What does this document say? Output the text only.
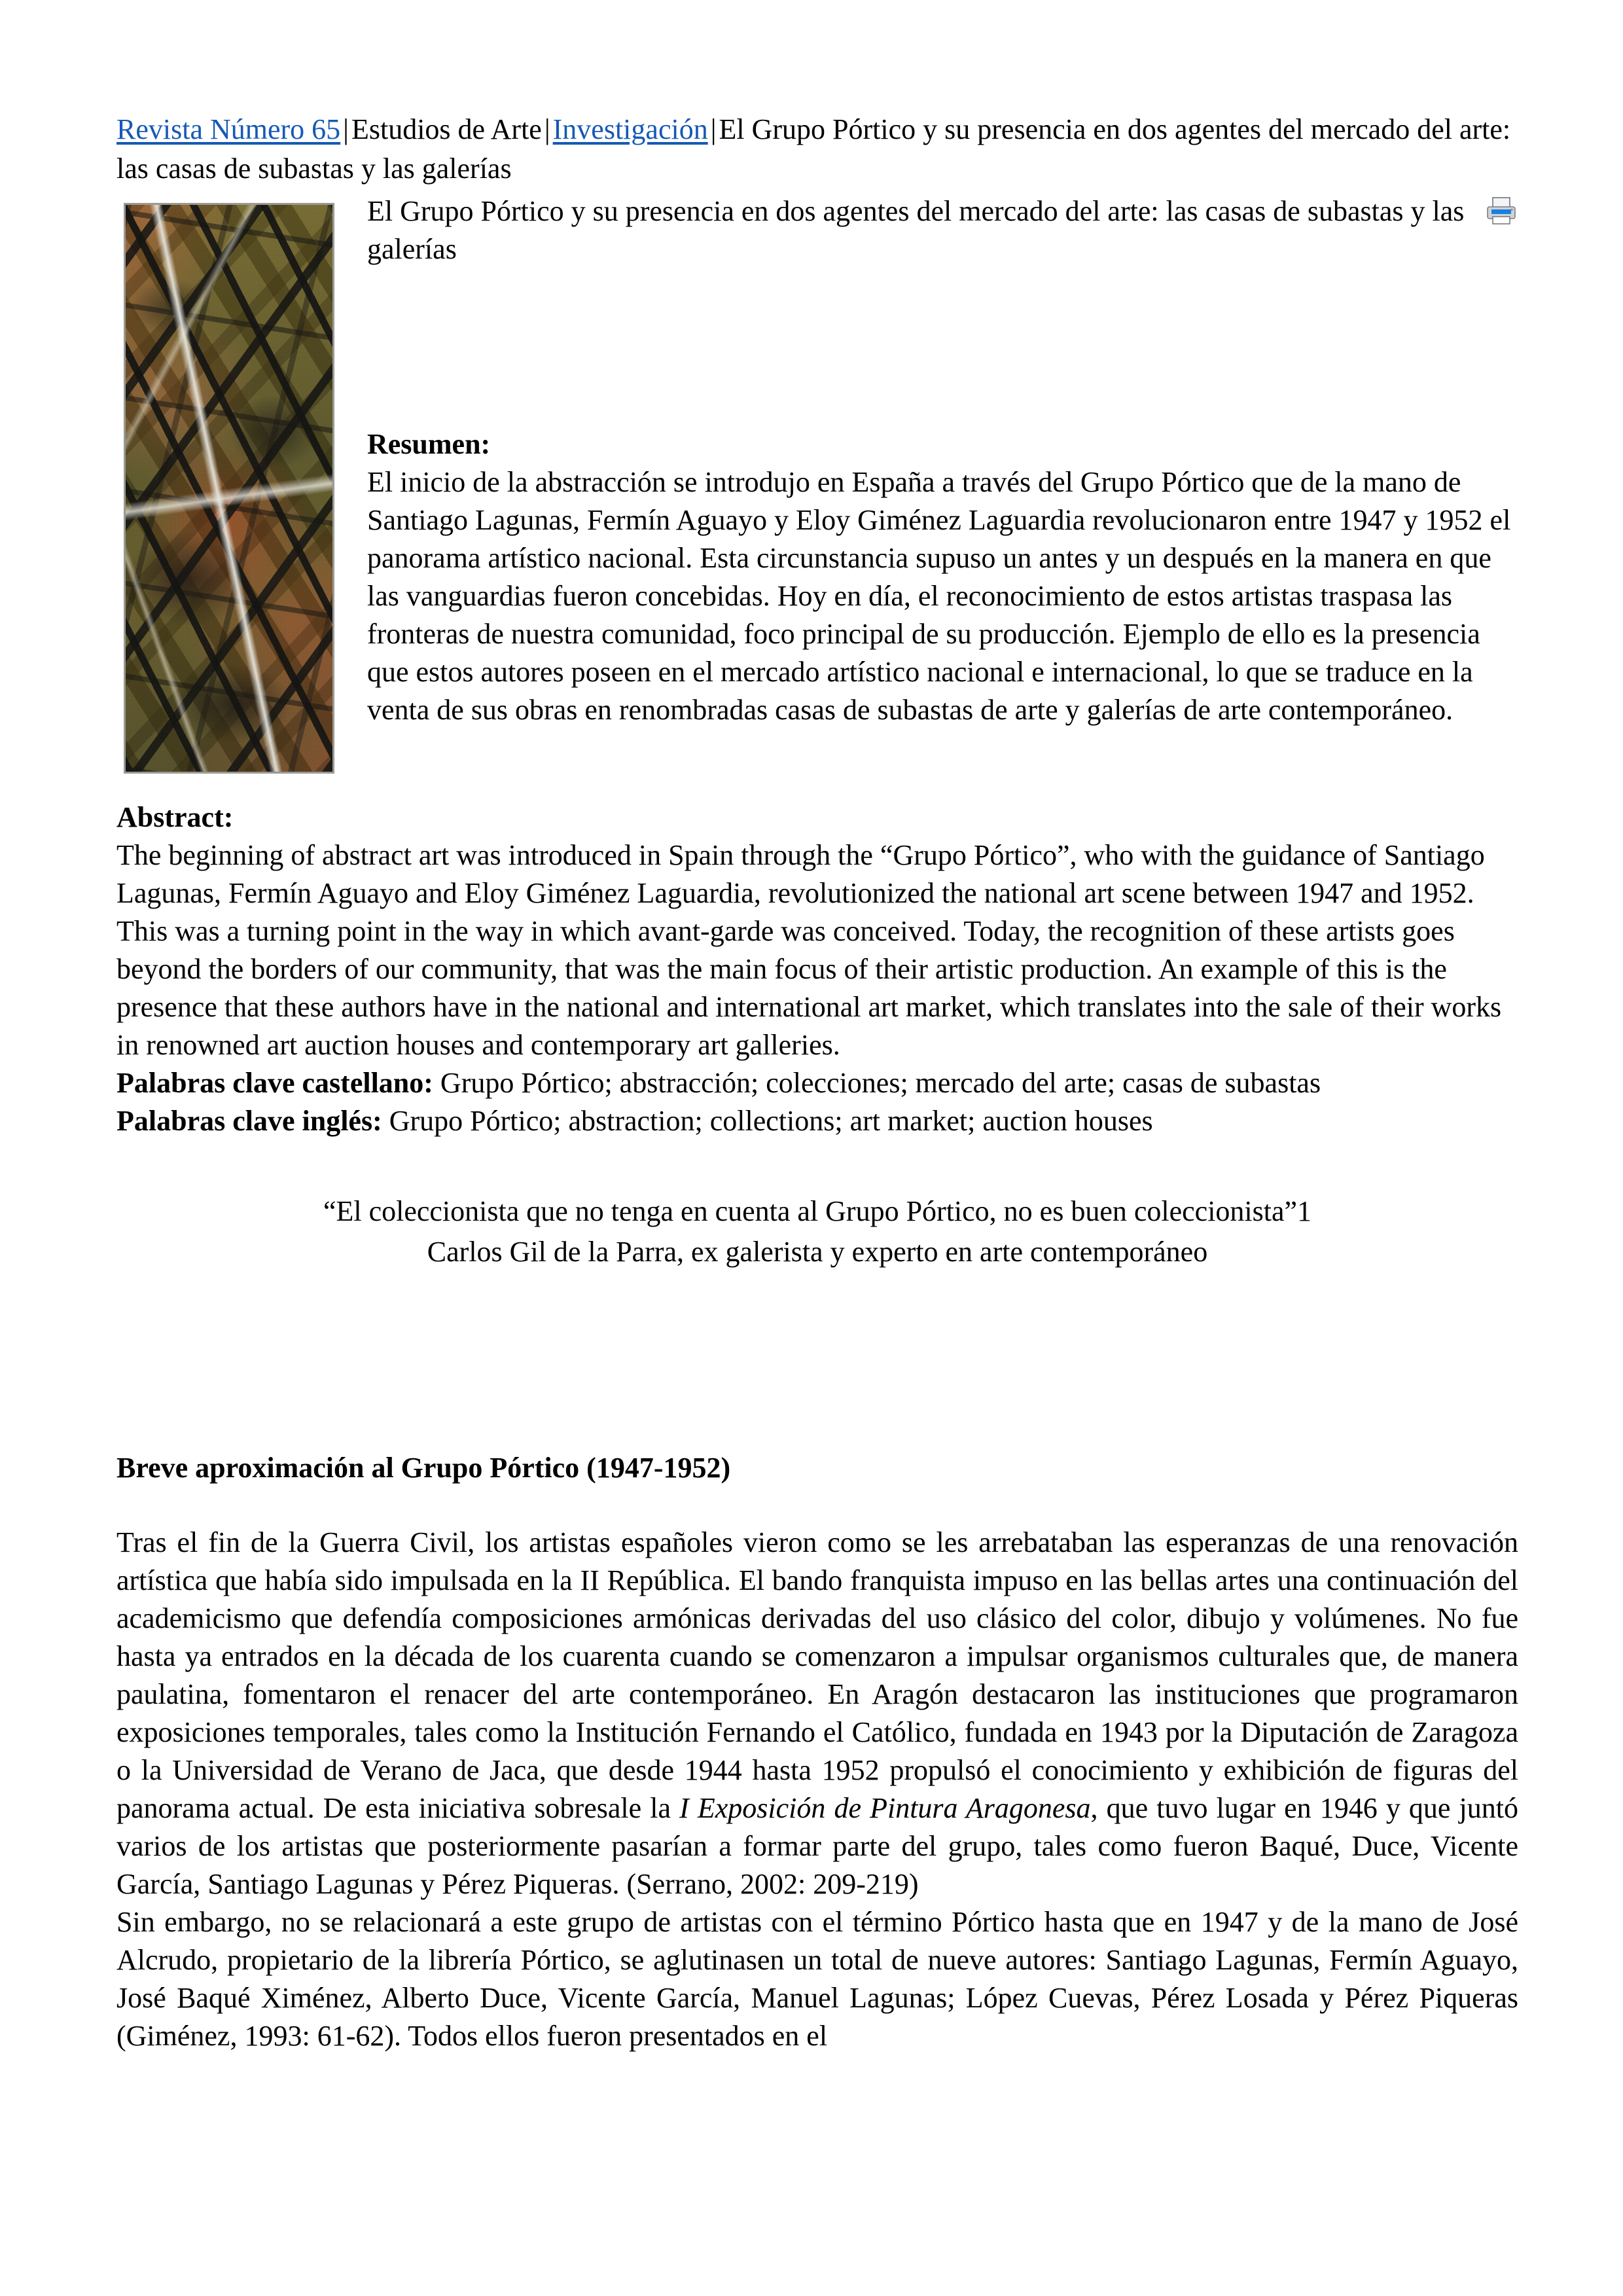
Revista Número 65|Estudios de Arte|Investigación|El Grupo Pórtico y su presencia en dos agentes del mercado del arte: las casas de subastas y las galerías

El Grupo Pórtico y su presencia en dos agentes del mercado del arte: las casas de subastas y las galerías

Resumen:

El inicio de la abstracción se introdujo en España a través del Grupo Pórtico que de la mano de Santiago Lagunas, Fermín Aguayo y Eloy Giménez Laguardia revolucionaron entre 1947 y 1952 el panorama artístico nacional. Esta circunstancia supuso un antes y un después en la manera en que las vanguardias fueron concebidas. Hoy en día, el reconocimiento de estos artistas traspasa las fronteras de nuestra comunidad, foco principal de su producción. Ejemplo de ello es la presencia que estos autores poseen en el mercado artístico nacional e internacional, lo que se traduce en la venta de sus obras en renombradas casas de subastas de arte y galerías de arte contemporáneo.

Abstract:

The beginning of abstract art was introduced in Spain through the “Grupo Pórtico”, who with the guidance of Santiago Lagunas, Fermín Aguayo and Eloy Giménez Laguardia, revolutionized the national art scene between 1947 and 1952. This was a turning point in the way in which avant-garde was conceived. Today, the recognition of these artists goes beyond the borders of our community, that was the main focus of their artistic production. An example of this is the presence that these authors have in the national and international art market, which translates into the sale of their works in renowned art auction houses and contemporary art galleries.

Palabras clave castellano: Grupo Pórtico; abstracción; colecciones; mercado del arte; casas de subastas

Palabras clave inglés: Grupo Pórtico; abstraction; collections; art market; auction houses

“El coleccionista que no tenga en cuenta al Grupo Pórtico, no es buen coleccionista”1

Carlos Gil de la Parra, ex galerista y experto en arte contemporáneo

Breve aproximación al Grupo Pórtico (1947-1952)

Tras el fin de la Guerra Civil, los artistas españoles vieron como se les arrebataban las esperanzas de una renovación artística que había sido impulsada en la II República. El bando franquista impuso en las bellas artes una continuación del academicismo que defendía composiciones armónicas derivadas del uso clásico del color, dibujo y volúmenes. No fue hasta ya entrados en la década de los cuarenta cuando se comenzaron a impulsar organismos culturales que, de manera paulatina, fomentaron el renacer del arte contemporáneo. En Aragón destacaron las instituciones que programaron exposiciones temporales, tales como la Institución Fernando el Católico, fundada en 1943 por la Diputación de Zaragoza o la Universidad de Verano de Jaca, que desde 1944 hasta 1952 propulsó el conocimiento y exhibición de figuras del panorama actual. De esta iniciativa sobresale la I Exposición de Pintura Aragonesa, que tuvo lugar en 1946 y que juntó varios de los artistas que posteriormente pasarían a formar parte del grupo, tales como fueron Baqué, Duce, Vicente García, Santiago Lagunas y Pérez Piqueras. (Serrano, 2002: 209-219)

Sin embargo, no se relacionará a este grupo de artistas con el término Pórtico hasta que en 1947 y de la mano de José Alcrudo, propietario de la librería Pórtico, se aglutinasen un total de nueve autores: Santiago Lagunas, Fermín Aguayo, José Baqué Ximénez, Alberto Duce, Vicente García, Manuel Lagunas; López Cuevas, Pérez Losada y Pérez Piqueras (Giménez, 1993: 61-62). Todos ellos fueron presentados en el
